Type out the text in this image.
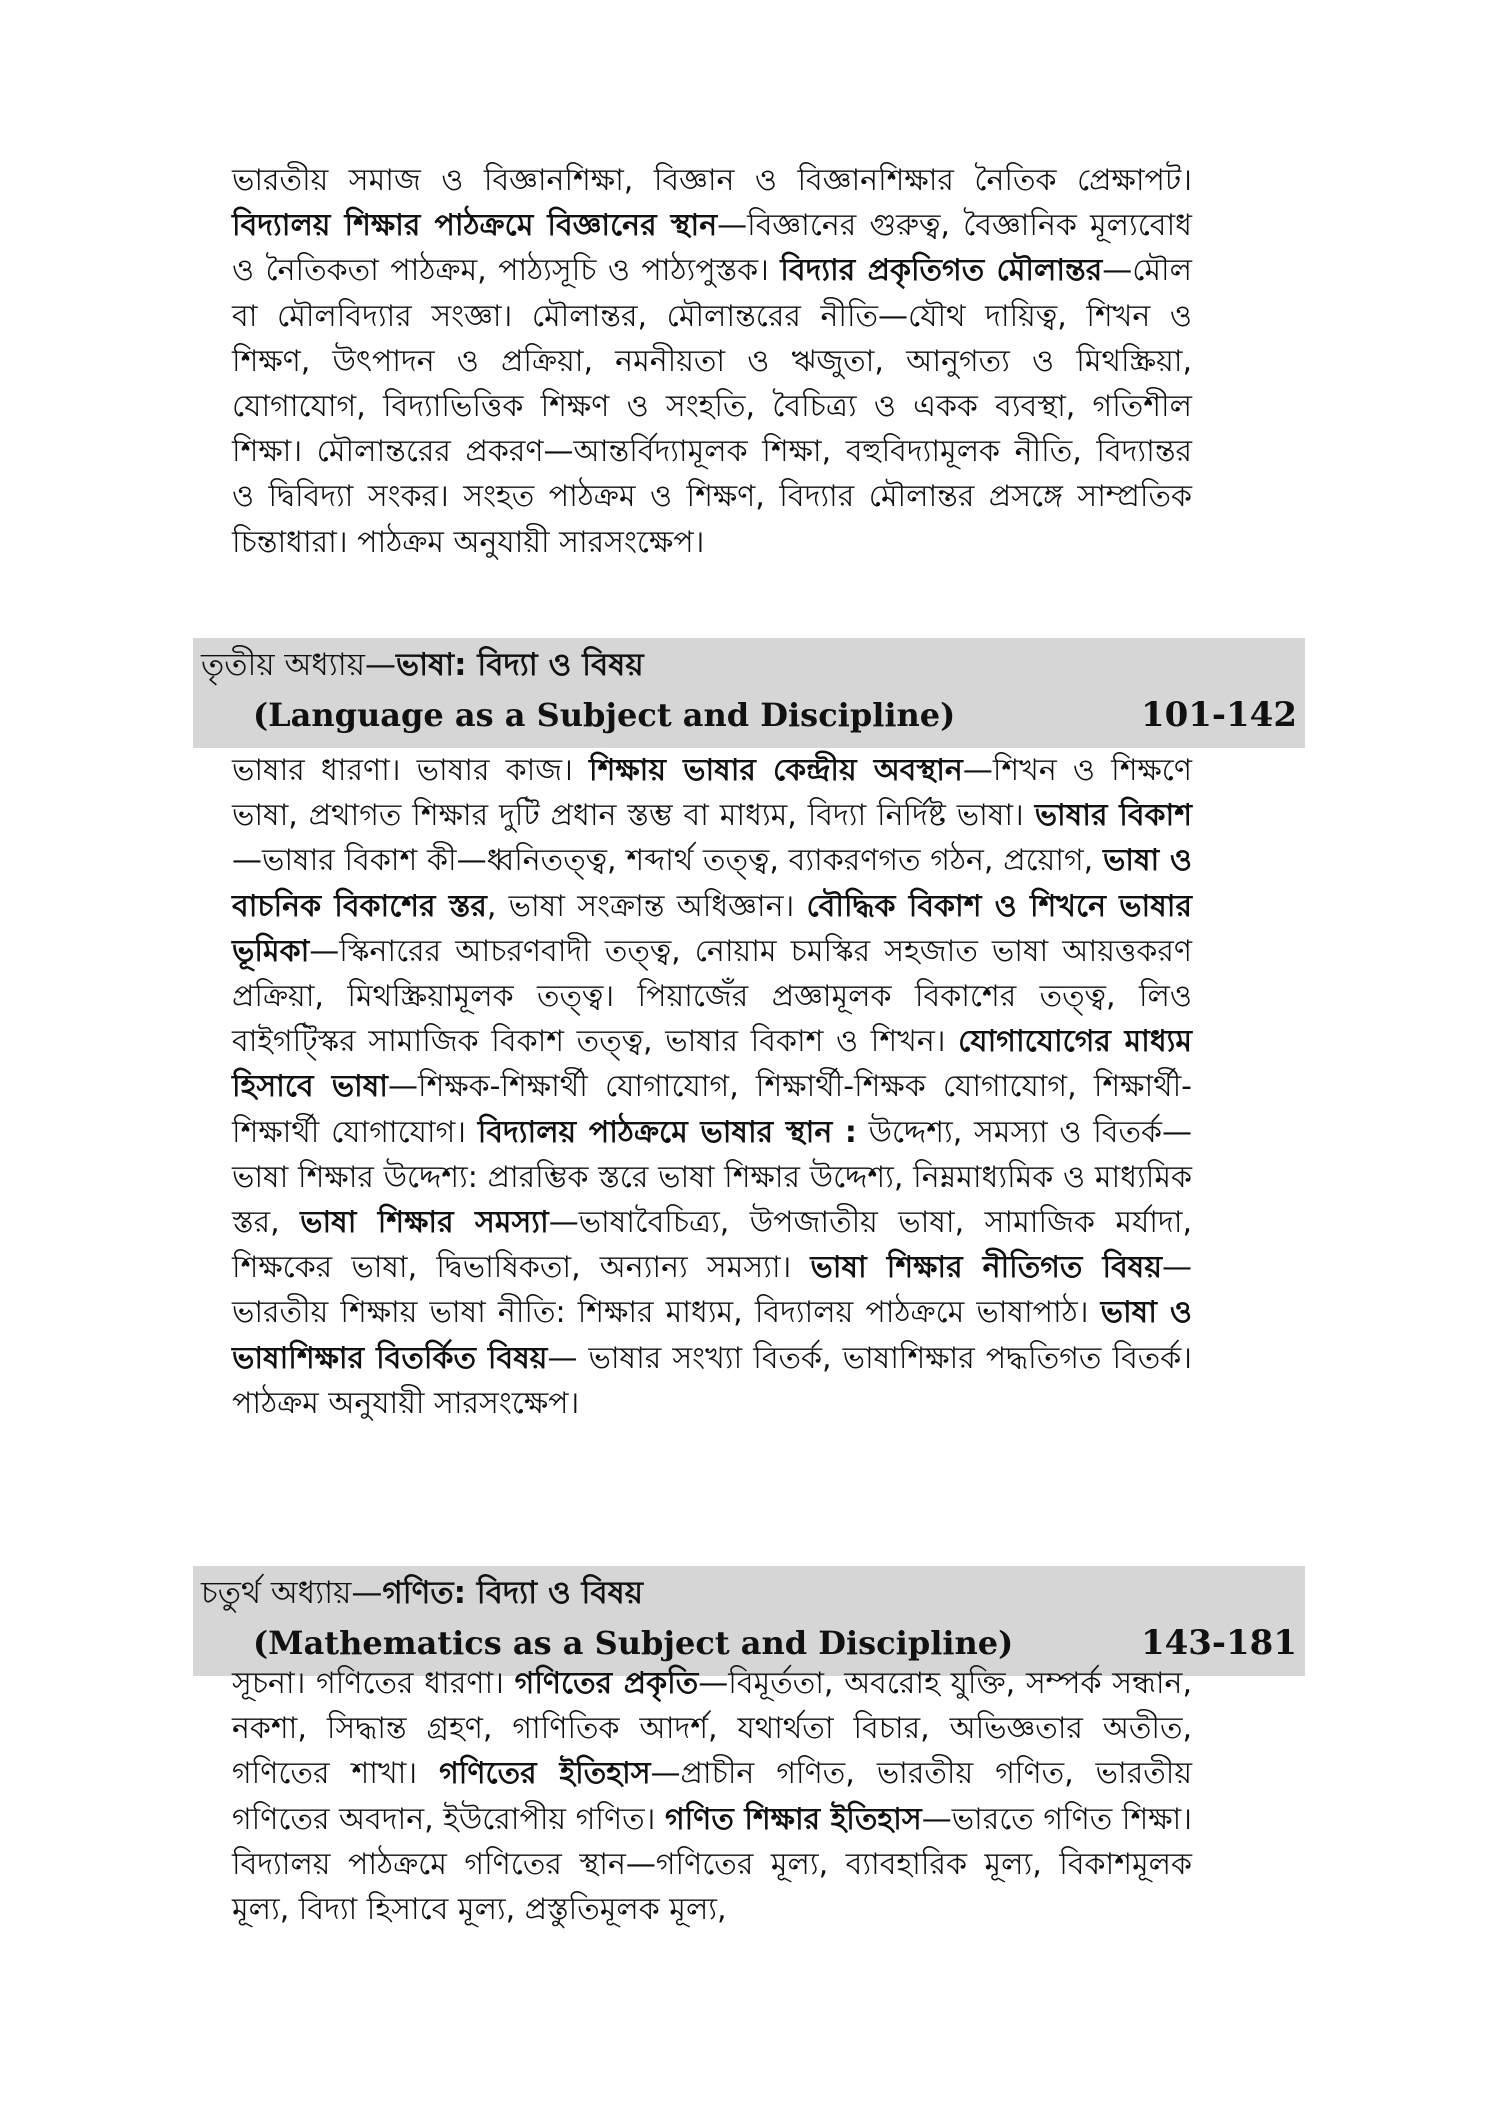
ভারতীয় সমাজ ও বিজ্ঞানশিক্ষা, বিজ্ঞান ও বিজ্ঞানশিক্ষার নৈতিক প্রেক্ষাপট। বিদ্যালয় শিক্ষার পাঠক্রমে বিজ্ঞানের স্থান—বিজ্ঞানের গুরুত্ব, বৈজ্ঞানিক মূল্যবোধ ও নৈতিকতা পাঠক্রম, পাঠ্যসূচি ও পাঠ্যপুস্তক। বিদ্যার প্রকৃতিগত মৌলান্তর—মৌল বা মৌলবিদ্যার সংজ্ঞা। মৌলান্তর, মৌলান্তরের নীতি—যৌথ দায়িত্ব, শিখন ও শিক্ষণ, উৎপাদন ও প্রক্রিয়া, নমনীয়তা ও ঋজুতা, আনুগত্য ও মিথস্ক্রিয়া, যোগাযোগ, বিদ্যাভিত্তিক শিক্ষণ ও সংহতি, বৈচিত্র্য ও একক ব্যবস্থা, গতিশীল শিক্ষা। মৌলান্তরের প্রকরণ—আন্তর্বিদ্যামূলক শিক্ষা, বহুবিদ্যামূলক নীতি, বিদ্যান্তর ও দ্বিবিদ্যা সংকর। সংহত পাঠক্রম ও শিক্ষণ, বিদ্যার মৌলান্তর প্রসঙ্গে সাম্প্রতিক চিন্তাধারা। পাঠক্রম অনুযায়ী সারসংক্ষেপ।
তৃতীয় অধ্যায়—ভাষা: বিদ্যা ও বিষয়
(Language as a Subject and Discipline)	101-142
ভাষার ধারণা। ভাষার কাজ। শিক্ষায় ভাষার কেন্দ্রীয় অবস্থান—শিখন ও শিক্ষণে ভাষা, প্রথাগত শিক্ষার দুটি প্রধান স্তম্ভ বা মাধ্যম, বিদ্যা নির্দিষ্ট ভাষা। ভাষার বিকাশ—ভাষার বিকাশ কী—ধ্বনিতত্ত্ব, শব্দার্থ তত্ত্ব, ব্যাকরণগত গঠন, প্রয়োগ, ভাষা ও বাচনিক বিকাশের স্তর, ভাষা সংক্রান্ত অধিজ্ঞান। বৌদ্ধিক বিকাশ ও শিখনে ভাষার ভূমিকা—স্কিনারের আচরণবাদী তত্ত্ব, নোয়াম চমস্কির সহজাত ভাষা আয়ত্তকরণ প্রক্রিয়া, মিথস্ক্রিয়ামূলক তত্ত্ব। পিয়াজেঁর প্রজ্ঞামূলক বিকাশের তত্ত্ব, লিও বাইগট্স্কির সামাজিক বিকাশ তত্ত্ব, ভাষার বিকাশ ও শিখন। যোগাযোগের মাধ্যম হিসাবে ভাষা—শিক্ষক-শিক্ষার্থী যোগাযোগ, শিক্ষার্থী-শিক্ষক যোগাযোগ, শিক্ষার্থী-শিক্ষার্থী যোগাযোগ। বিদ্যালয় পাঠক্রমে ভাষার স্থান : উদ্দেশ্য, সমস্যা ও বিতর্ক—ভাষা শিক্ষার উদ্দেশ্য: প্রারম্ভিক স্তরে ভাষা শিক্ষার উদ্দেশ্য, নিম্নমাধ্যমিক ও মাধ্যমিক স্তর, ভাষা শিক্ষার সমস্যা—ভাষাবৈচিত্র্য, উপজাতীয় ভাষা, সামাজিক মর্যাদা, শিক্ষকের ভাষা, দ্বিভাষিকতা, অন্যান্য সমস্যা। ভাষা শিক্ষার নীতিগত বিষয়—ভারতীয় শিক্ষায় ভাষা নীতি: শিক্ষার মাধ্যম, বিদ্যালয় পাঠক্রমে ভাষাপাঠ। ভাষা ও ভাষাশিক্ষার বিতর্কিত বিষয়— ভাষার সংখ্যা বিতর্ক, ভাষাশিক্ষার পদ্ধতিগত বিতর্ক। পাঠক্রম অনুযায়ী সারসংক্ষেপ।
চতুর্থ অধ্যায়—গণিত: বিদ্যা ও বিষয়
(Mathematics as a Subject and Discipline)	143-181
সূচনা। গণিতের ধারণা। গণিতের প্রকৃতি—বিমূর্ততা, অবরোহ যুক্তি, সম্পর্ক সন্ধান, নকশা, সিদ্ধান্ত গ্রহণ, গাণিতিক আদর্শ, যথার্থতা বিচার, অভিজ্ঞতার অতীত, গণিতের শাখা। গণিতের ইতিহাস—প্রাচীন গণিত, ভারতীয় গণিত, ভারতীয় গণিতের অবদান, ইউরোপীয় গণিত। গণিত শিক্ষার ইতিহাস—ভারতে গণিত শিক্ষা। বিদ্যালয় পাঠক্রমে গণিতের স্থান—গণিতের মূল্য, ব্যাবহারিক মূল্য, বিকাশমূলক মূল্য, বিদ্যা হিসাবে মূল্য, প্রস্তুতিমূলক মূল্য,
